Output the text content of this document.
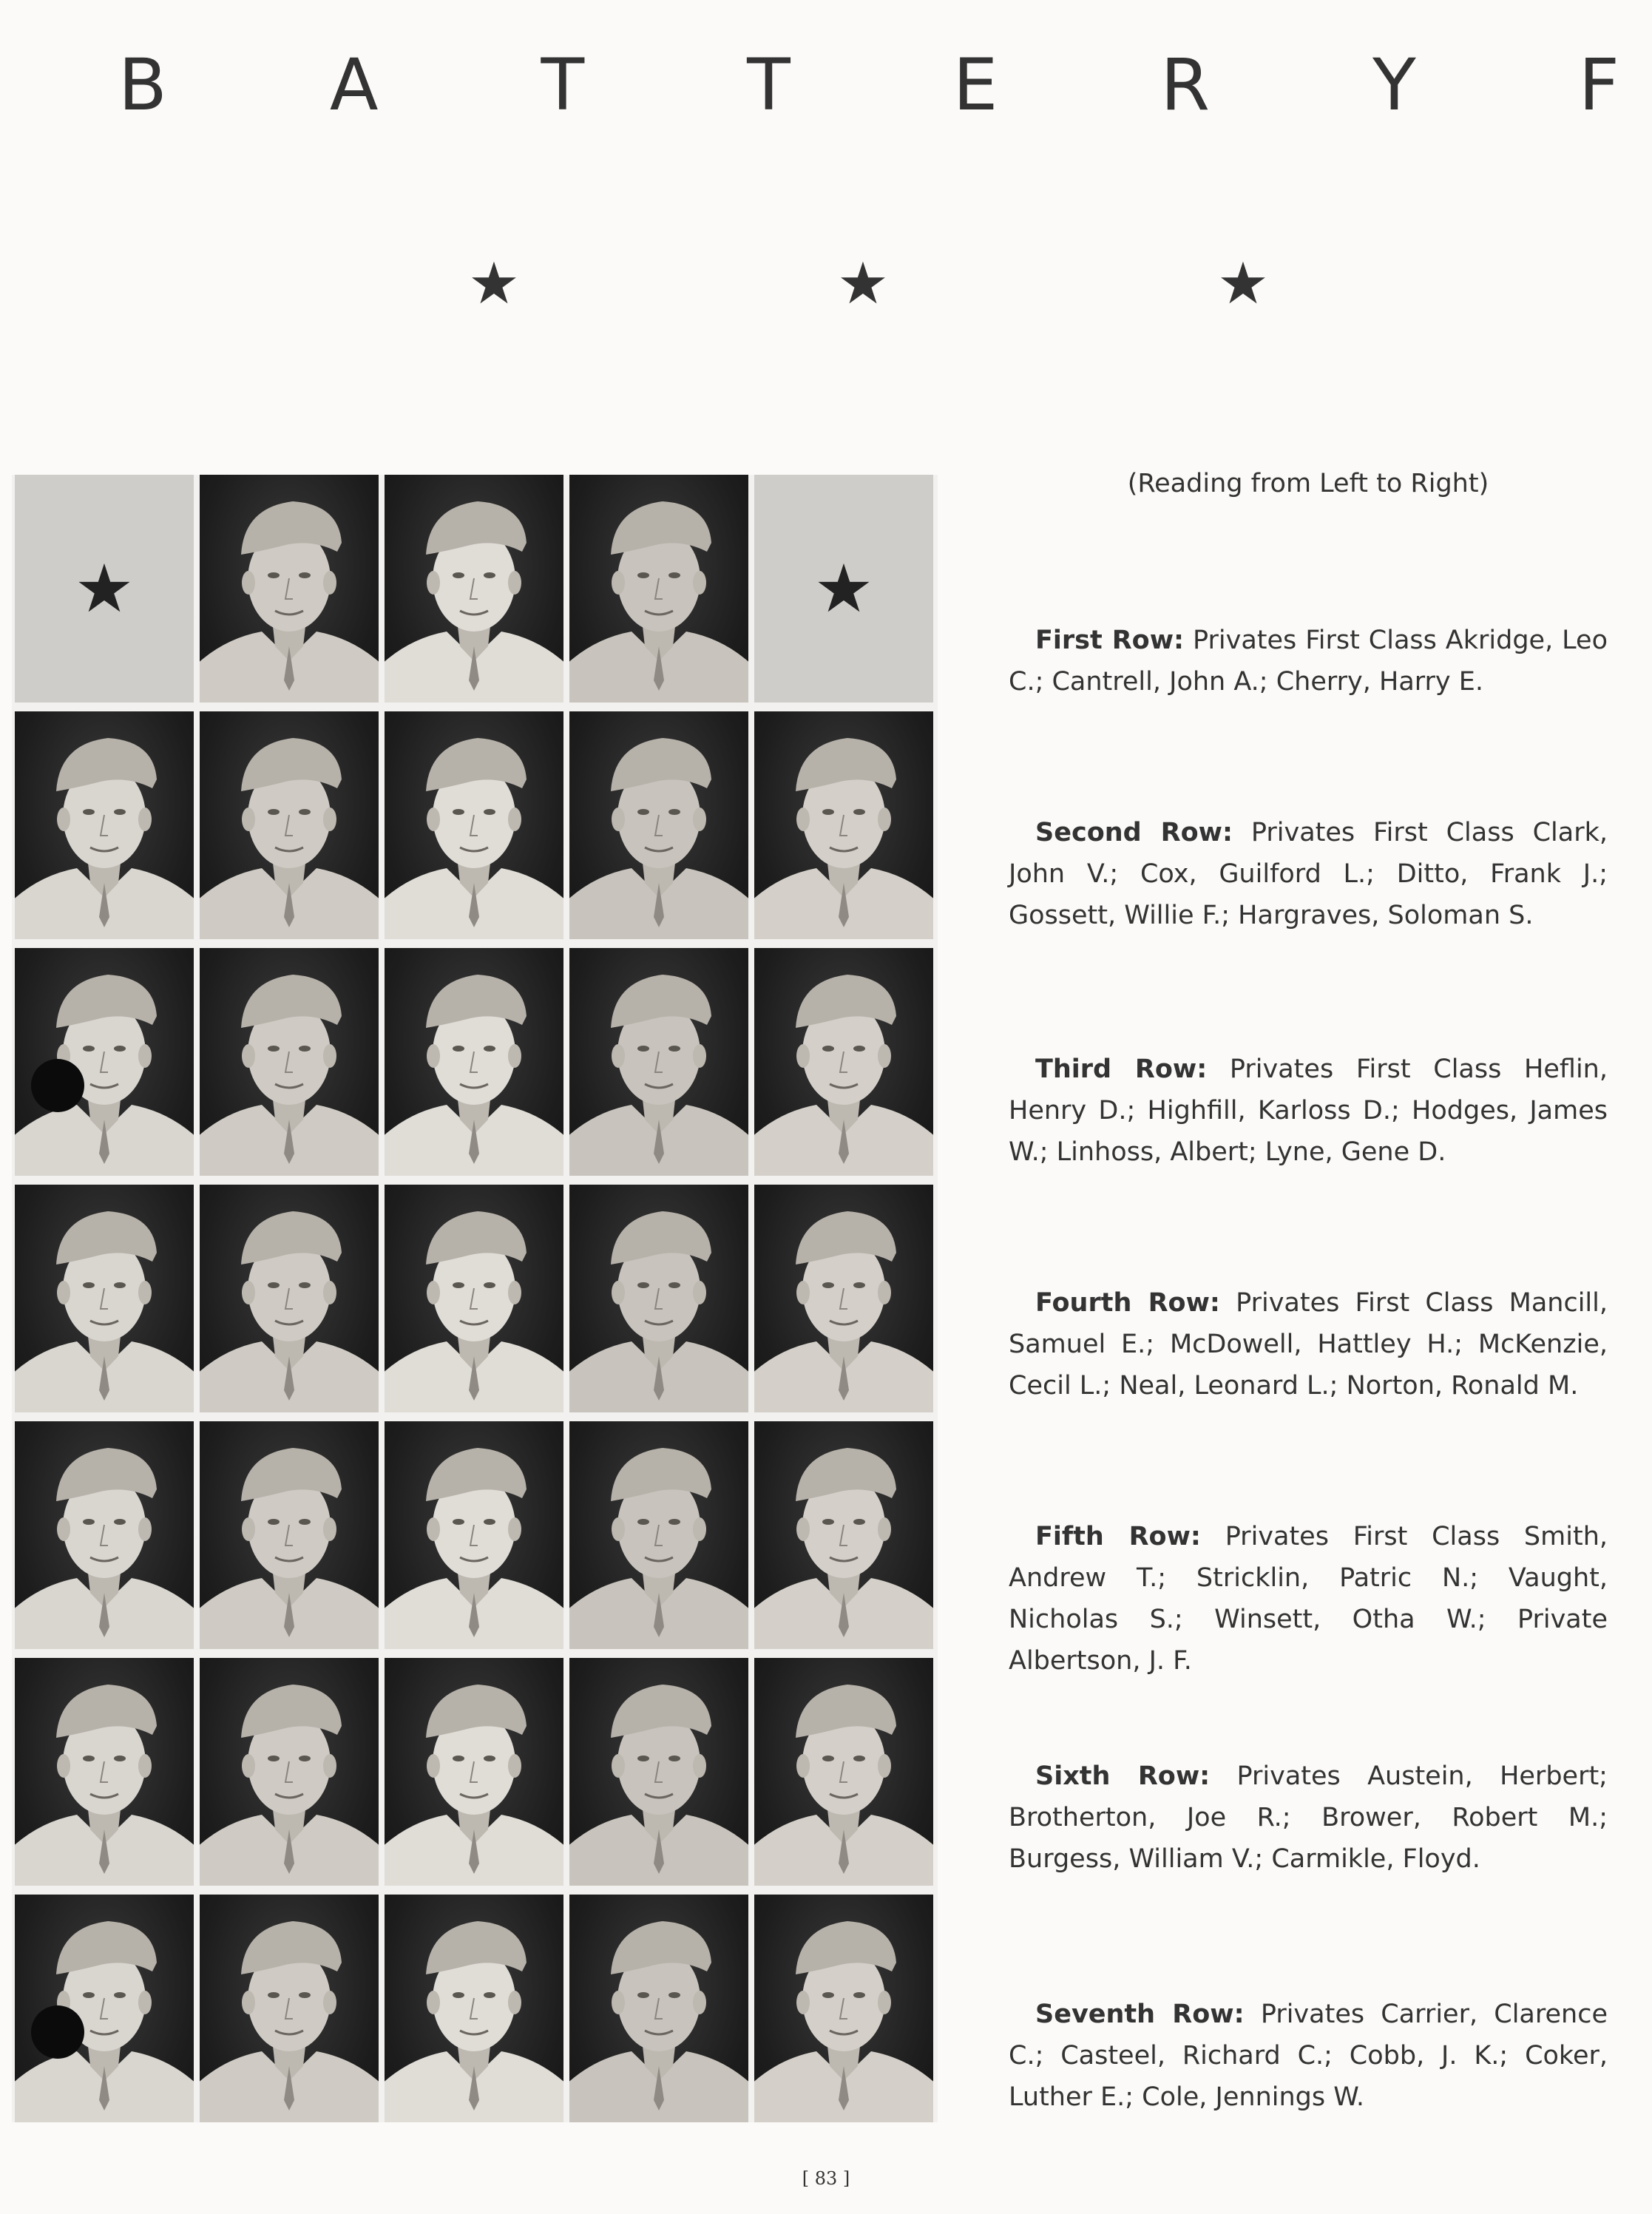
B A T T E R Y F
★	★	★
★	★
(Reading from Left to Right)
First Row: Privates First Class Akridge, Leo C.; Cantrell, John A.; Cherry, Harry E.
Second Row: Privates First Class Clark, John V.; Cox, Guilford L.; Ditto, Frank J.; Gossett, Willie F.; Hargraves, Soloman S.
Third Row: Privates First Class Heflin, Henry D.; Highfill, Karloss D.; Hodges, James W.; Linhoss, Albert; Lyne, Gene D.
Fourth Row: Privates First Class Mancill, Samuel E.; McDowell, Hattley H.; McKenzie, Cecil L.; Neal, Leonard L.; Norton, Ronald M.
Fifth Row: Privates First Class Smith, Andrew T.; Stricklin, Patric N.; Vaught, Nicholas S.; Winsett, Otha W.; Private Albertson, J. F.
Sixth Row: Privates Austein, Herbert; Brotherton, Joe R.; Brower, Robert M.; Burgess, William V.; Carmikle, Floyd.
Seventh Row: Privates Carrier, Clarence C.; Casteel, Richard C.; Cobb, J. K.; Coker, Luther E.; Cole, Jennings W.
[ 83 ]
